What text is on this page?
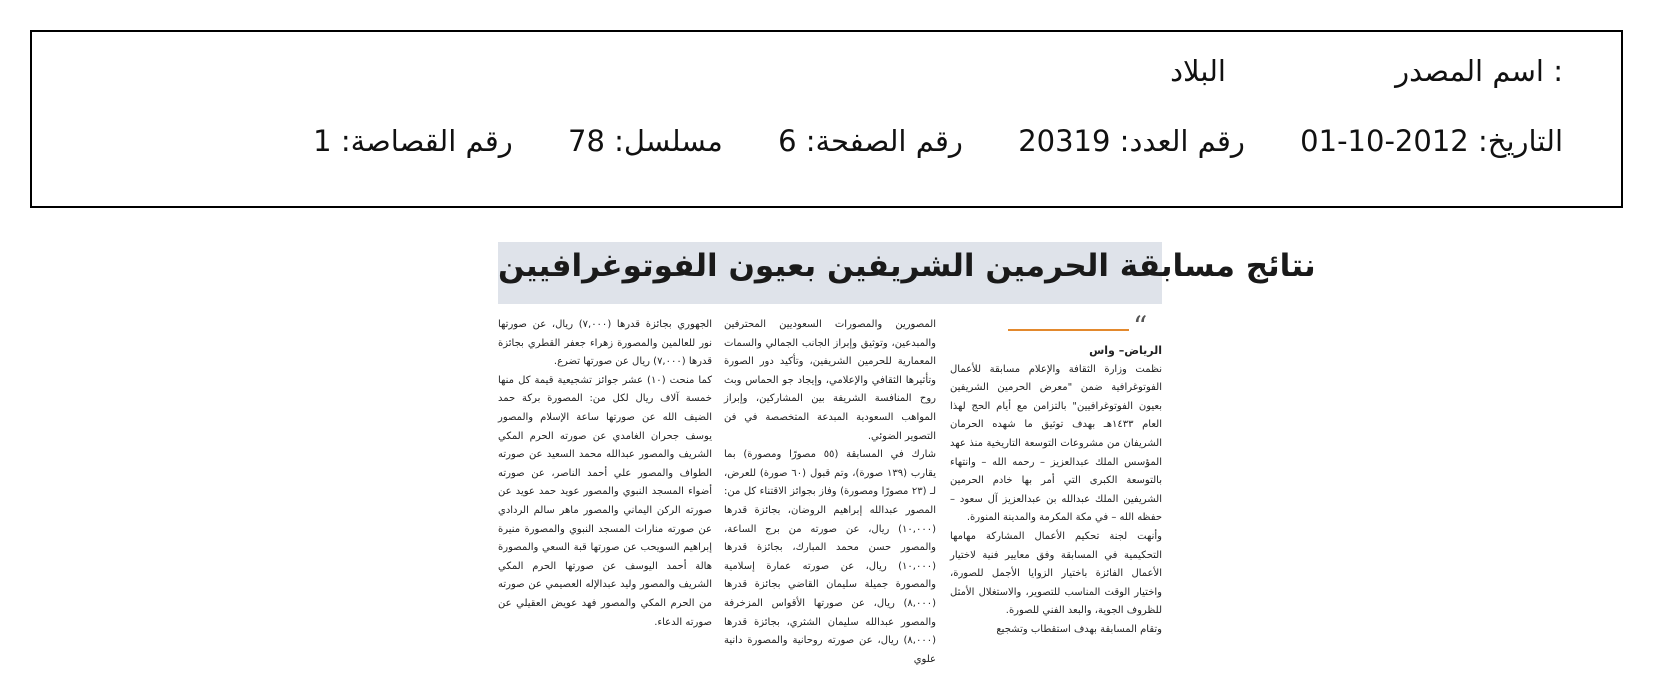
اسم المصدر :
البلاد
التاريخ: 2012-10-01      رقم العدد: 20319      رقم الصفحة: 6      مسلسل: 78      رقم القصاصة: 1
نتائج مسابقة الحرمين الشريفين بعيون الفوتوغرافيين
“

الرياض– واس

نظمت وزارة الثقافة والإعلام مسابقة للأعمال الفوتوغرافية ضمن "معرض الحرمين الشريفين بعيون الفوتوغرافيين" بالتزامن مع أيام الحج لهذا العام ١٤٣٣هـ بهدف توثيق ما شهده الحرمان الشريفان من مشروعات التوسعة التاريخية منذ عهد المؤسس الملك عبدالعزيز – رحمه الله – وانتهاء بالتوسعة الكبرى التي أمر بها خادم الحرمين الشريفين الملك عبدالله بن عبدالعزيز آل سعود – حفظه الله – في مكة المكرمة والمدينة المنورة.

وأنهت لجنة تحكيم الأعمال المشاركة مهامها التحكيمية في المسابقة وفق معايير فنية لاختيار الأعمال الفائزة باختيار الزوايا الأجمل للصورة، واختيار الوقت المناسب للتصوير، والاستغلال الأمثل للظروف الجوية، والبعد الفني للصورة.

وتقام المسابقة بهدف استقطاب وتشجيع

المصورين والمصورات السعوديين المحترفين والمبدعين، وتوثيق وإبراز الجانب الجمالي والسمات المعمارية للحرمين الشريفين، وتأكيد دور الصورة وتأثيرها الثقافي والإعلامي، وإيجاد جو الحماس وبث روح المنافسة الشريفة بين المشاركين، وإبراز المواهب السعودية المبدعة المتخصصة في فن التصوير الضوئي.

شارك في المسابقة (٥٥ مصورًا ومصورة) بما يقارب (١٣٩ صورة)، وتم قبول (٦٠ صورة) للعرض، لـ (٢٣ مصورًا ومصورة) وفاز بجوائز الاقتناء كل من: المصور عبدالله إبراهيم الروضان، بجائزة قدرها (١٠,٠٠٠) ريال، عن صورته من برج الساعة، والمصور حسن محمد المبارك، بجائزة قدرها (١٠,٠٠٠) ريال، عن صورته عمارة إسلامية والمصورة جميلة سليمان القاضي بجائزة قدرها (٨,٠٠٠) ريال، عن صورتها الأقواس المزخرفة والمصور عبدالله سليمان الشثري، بجائزة قدرها (٨,٠٠٠) ريال، عن صورته روحانية والمصورة دانية علوي

الجهوري بجائزة قدرها (٧,٠٠٠) ريال، عن صورتها نور للعالمين والمصورة زهراء جعفر القطري بجائزة قدرها (٧,٠٠٠) ريال عن صورتها تضرع.

كما منحت (١٠) عشر جوائز تشجيعية قيمة كل منها خمسة آلاف ريال لكل من: المصورة بركة حمد الضيف الله عن صورتها ساعة الإسلام والمصور يوسف جحران الغامدي عن صورته الحرم المكي الشريف والمصور عبدالله محمد السعيد عن صورته الطواف والمصور علي أحمد الناصر، عن صورته أضواء المسجد النبوي والمصور عويد حمد عويد عن صورته الركن اليماني والمصور ماهر سالم الردادي عن صورته منارات المسجد النبوي والمصورة منيرة إبراهيم السويحب عن صورتها قبة السعي والمصورة هالة أحمد اليوسف عن صورتها الحرم المكي الشريف والمصور وليد عبدالإله العصيمي عن صورته من الحرم المكي والمصور فهد عويض العقيلي عن صورته الدعاء.
